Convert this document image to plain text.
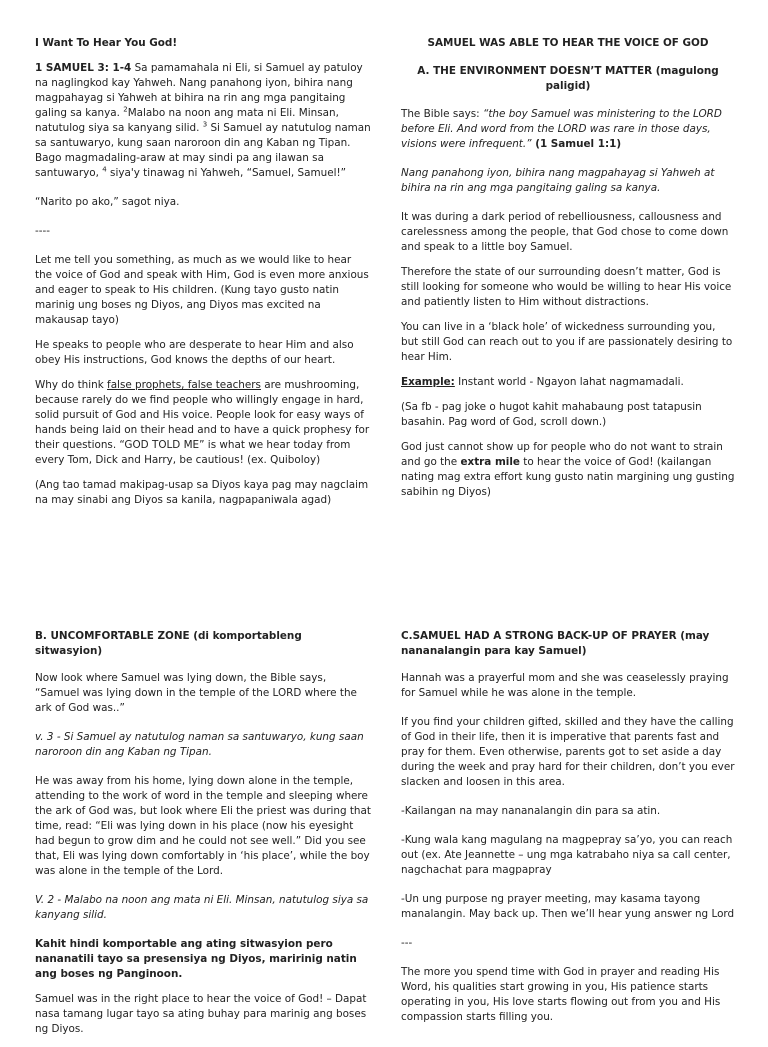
I Want To Hear You God!

1 SAMUEL 3: 1-4 Sa pamamahala ni Eli, si Samuel ay patuloy na naglingkod kay Yahweh. Nang panahong iyon, bihira nang magpahayag si Yahweh at bihira na rin ang mga pangitaing galing sa kanya. $^2$Malabo na noon ang mata ni Eli. Minsan, natutulog siya sa kanyang silid. $^3$ Si Samuel ay natutulog naman sa santuwaryo, kung saan naroroon din ang Kaban ng Tipan. Bago magmadaling-araw at may sindi pa ang ilawan sa santuwaryo, $^4$ siya'y tinawag ni Yahweh, “Samuel, Samuel!”

“Narito po ako,” sagot niya.

----

Let me tell you something, as much as we would like to hear the voice of God and speak with Him, God is even more anxious and eager to speak to His children. (Kung tayo gusto natin marinig ung boses ng Diyos, ang Diyos mas excited na makausap tayo)

He speaks to people who are desperate to hear Him and also obey His instructions, God knows the depths of our heart.

Why do think false prophets, false teachers are mushrooming, because rarely do we find people who willingly engage in hard, solid pursuit of God and His voice. People look for easy ways of hands being laid on their head and to have a quick prophesy for their questions. “GOD TOLD ME” is what we hear today from every Tom, Dick and Harry, be cautious! (ex. Quiboloy)

(Ang tao tamad makipag-usap sa Diyos kaya pag may nagclaim na may sinabi ang Diyos sa kanila, nagpapaniwala agad)

SAMUEL WAS ABLE TO HEAR THE VOICE OF GOD

A. THE ENVIRONMENT DOESN’T MATTER (magulong paligid)

The Bible says: “the boy Samuel was ministering to the LORD before Eli. And word from the LORD was rare in those days, visions were infrequent.” (1 Samuel 1:1)

Nang panahong iyon, bihira nang magpahayag si Yahweh at bihira na rin ang mga pangitaing galing sa kanya.

It was during a dark period of rebelliousness, callousness and carelessness among the people, that God chose to come down and speak to a little boy Samuel.

Therefore the state of our surrounding doesn’t matter, God is still looking for someone who would be willing to hear His voice and patiently listen to Him without distractions.

You can live in a ‘black hole’ of wickedness surrounding you, but still God can reach out to you if are passionately desiring to hear Him.

Example: Instant world - Ngayon lahat nagmamadali.

(Sa fb - pag joke o hugot kahit mahabaung post tatapusin basahin. Pag word of God, scroll down.)

God just cannot show up for people who do not want to strain and go the extra mile to hear the voice of God! (kailangan nating mag extra effort kung gusto natin margining ung gusting sabihin ng Diyos)

B. UNCOMFORTABLE ZONE (di komportableng sitwasyion)

Now look where Samuel was lying down, the Bible says, “Samuel was lying down in the temple of the LORD where the ark of God was..”

v. 3 - Si Samuel ay natutulog naman sa santuwaryo, kung saan naroroon din ang Kaban ng Tipan.

He was away from his home, lying down alone in the temple, attending to the work of word in the temple and sleeping where the ark of God was, but look where Eli the priest was during that time, read: “Eli was lying down in his place (now his eyesight had begun to grow dim and he could not see well.” Did you see that, Eli was lying down comfortably in ‘his place’, while the boy was alone in the temple of the Lord.

V. 2 - Malabo na noon ang mata ni Eli. Minsan, natutulog siya sa kanyang silid.

Kahit hindi komportable ang ating sitwasyion pero nananatili tayo sa presensiya ng Diyos, maririnig natin ang boses ng Panginoon.

Samuel was in the right place to hear the voice of God! – Dapat nasa tamang lugar tayo sa ating buhay para marinig ang boses ng Diyos.

C.SAMUEL HAD A STRONG BACK-UP OF PRAYER (may nananalangin para kay Samuel)

Hannah was a prayerful mom and she was ceaselessly praying for Samuel while he was alone in the temple.

If you find your children gifted, skilled and they have the calling of God in their life, then it is imperative that parents fast and pray for them. Even otherwise, parents got to set aside a day during the week and pray hard for their children, don’t you ever slacken and loosen in this area.

-Kailangan na may nananalangin din para sa atin.

-Kung wala kang magulang na magpepray sa’yo, you can reach out (ex. Ate Jeannette – ung mga katrabaho niya sa call center, nagchachat para magpapray

-Un ung purpose ng prayer meeting, may kasama tayong manalangin. May back up. Then we’ll hear yung answer ng Lord

---

The more you spend time with God in prayer and reading His Word, his qualities start growing in you, His patience starts operating in you, His love starts flowing out from you and His compassion starts filling you.
